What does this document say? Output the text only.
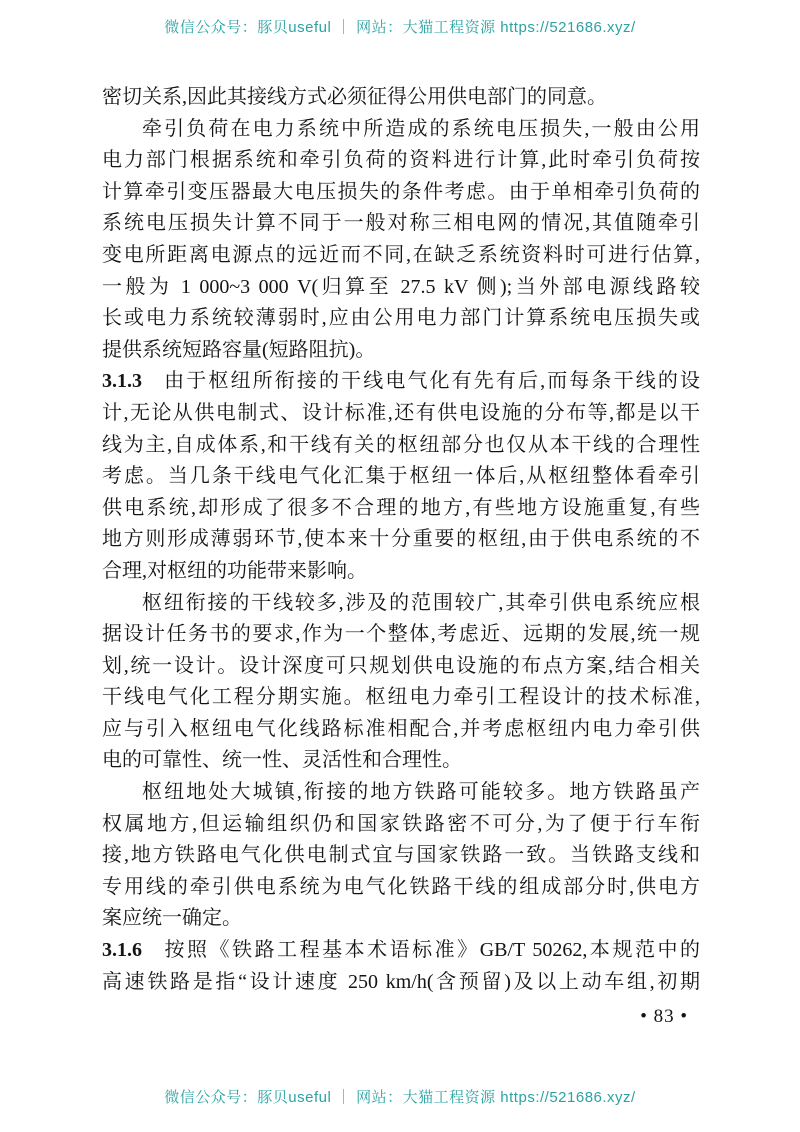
微信公众号：豚贝useful ｜ 网站：大猫工程资源 https://521686.xyz/
密切关系,因此其接线方式必须征得公用供电部门的同意。
牵引负荷在电力系统中所造成的系统电压损失,一般由公用
电力部门根据系统和牵引负荷的资料进行计算,此时牵引负荷按
计算牵引变压器最大电压损失的条件考虑。由于单相牵引负荷的
系统电压损失计算不同于一般对称三相电网的情况,其值随牵引
变电所距离电源点的远近而不同,在缺乏系统资料时可进行估算,
一般为 1 000~3 000 V(归算至 27.5 kV 侧);当外部电源线路较
长或电力系统较薄弱时,应由公用电力部门计算系统电压损失或
提供系统短路容量(短路阻抗)。
3.1.3  由于枢纽所衔接的干线电气化有先有后,而每条干线的设
计,无论从供电制式、设计标准,还有供电设施的分布等,都是以干
线为主,自成体系,和干线有关的枢纽部分也仅从本干线的合理性
考虑。当几条干线电气化汇集于枢纽一体后,从枢纽整体看牵引
供电系统,却形成了很多不合理的地方,有些地方设施重复,有些
地方则形成薄弱环节,使本来十分重要的枢纽,由于供电系统的不
合理,对枢纽的功能带来影响。
枢纽衔接的干线较多,涉及的范围较广,其牵引供电系统应根
据设计任务书的要求,作为一个整体,考虑近、远期的发展,统一规
划,统一设计。设计深度可只规划供电设施的布点方案,结合相关
干线电气化工程分期实施。枢纽电力牵引工程设计的技术标准,
应与引入枢纽电气化线路标准相配合,并考虑枢纽内电力牵引供
电的可靠性、统一性、灵活性和合理性。
枢纽地处大城镇,衔接的地方铁路可能较多。地方铁路虽产
权属地方,但运输组织仍和国家铁路密不可分,为了便于行车衔
接,地方铁路电气化供电制式宜与国家铁路一致。当铁路支线和
专用线的牵引供电系统为电气化铁路干线的组成部分时,供电方
案应统一确定。
3.1.6  按照《铁路工程基本术语标准》GB/T 50262,本规范中的
高速铁路是指“设计速度 250 km/h(含预留)及以上动车组,初期
• 83 •
微信公众号：豚贝useful ｜ 网站：大猫工程资源 https://521686.xyz/
